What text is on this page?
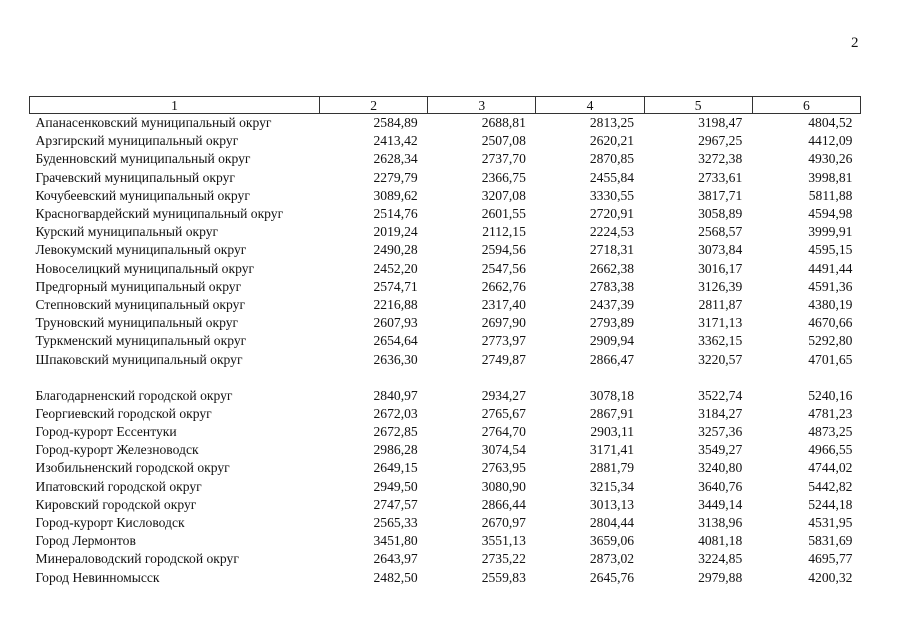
2
1	2	3	4	5	6
Апанасенковский муниципальный округ	2584,89	2688,81	2813,25	3198,47	4804,52
Арзгирский муниципальный округ	2413,42	2507,08	2620,21	2967,25	4412,09
Буденновский муниципальный округ	2628,34	2737,70	2870,85	3272,38	4930,26
Грачевский муниципальный округ	2279,79	2366,75	2455,84	2733,61	3998,81
Кочубеевский муниципальный округ	3089,62	3207,08	3330,55	3817,71	5811,88
Красногвардейский муниципальный округ	2514,76	2601,55	2720,91	3058,89	4594,98
Курский муниципальный округ	2019,24	2112,15	2224,53	2568,57	3999,91
Левокумский муниципальный округ	2490,28	2594,56	2718,31	3073,84	4595,15
Новоселицкий муниципальный округ	2452,20	2547,56	2662,38	3016,17	4491,44
Предгорный муниципальный округ	2574,71	2662,76	2783,38	3126,39	4591,36
Степновский муниципальный округ	2216,88	2317,40	2437,39	2811,87	4380,19
Труновский муниципальный округ	2607,93	2697,90	2793,89	3171,13	4670,66
Туркменский муниципальный округ	2654,64	2773,97	2909,94	3362,15	5292,80
Шпаковский муниципальный округ	2636,30	2749,87	2866,47	3220,57	4701,65

Благодарненский городской округ	2840,97	2934,27	3078,18	3522,74	5240,16
Георгиевский городской округ	2672,03	2765,67	2867,91	3184,27	4781,23
Город-курорт Ессентуки	2672,85	2764,70	2903,11	3257,36	4873,25
Город-курорт Железноводск	2986,28	3074,54	3171,41	3549,27	4966,55
Изобильненский городской округ	2649,15	2763,95	2881,79	3240,80	4744,02
Ипатовский городской округ	2949,50	3080,90	3215,34	3640,76	5442,82
Кировский городской округ	2747,57	2866,44	3013,13	3449,14	5244,18
Город-курорт Кисловодск	2565,33	2670,97	2804,44	3138,96	4531,95
Город Лермонтов	3451,80	3551,13	3659,06	4081,18	5831,69
Минераловодский городской округ	2643,97	2735,22	2873,02	3224,85	4695,77
Город Невинномысск	2482,50	2559,83	2645,76	2979,88	4200,32
